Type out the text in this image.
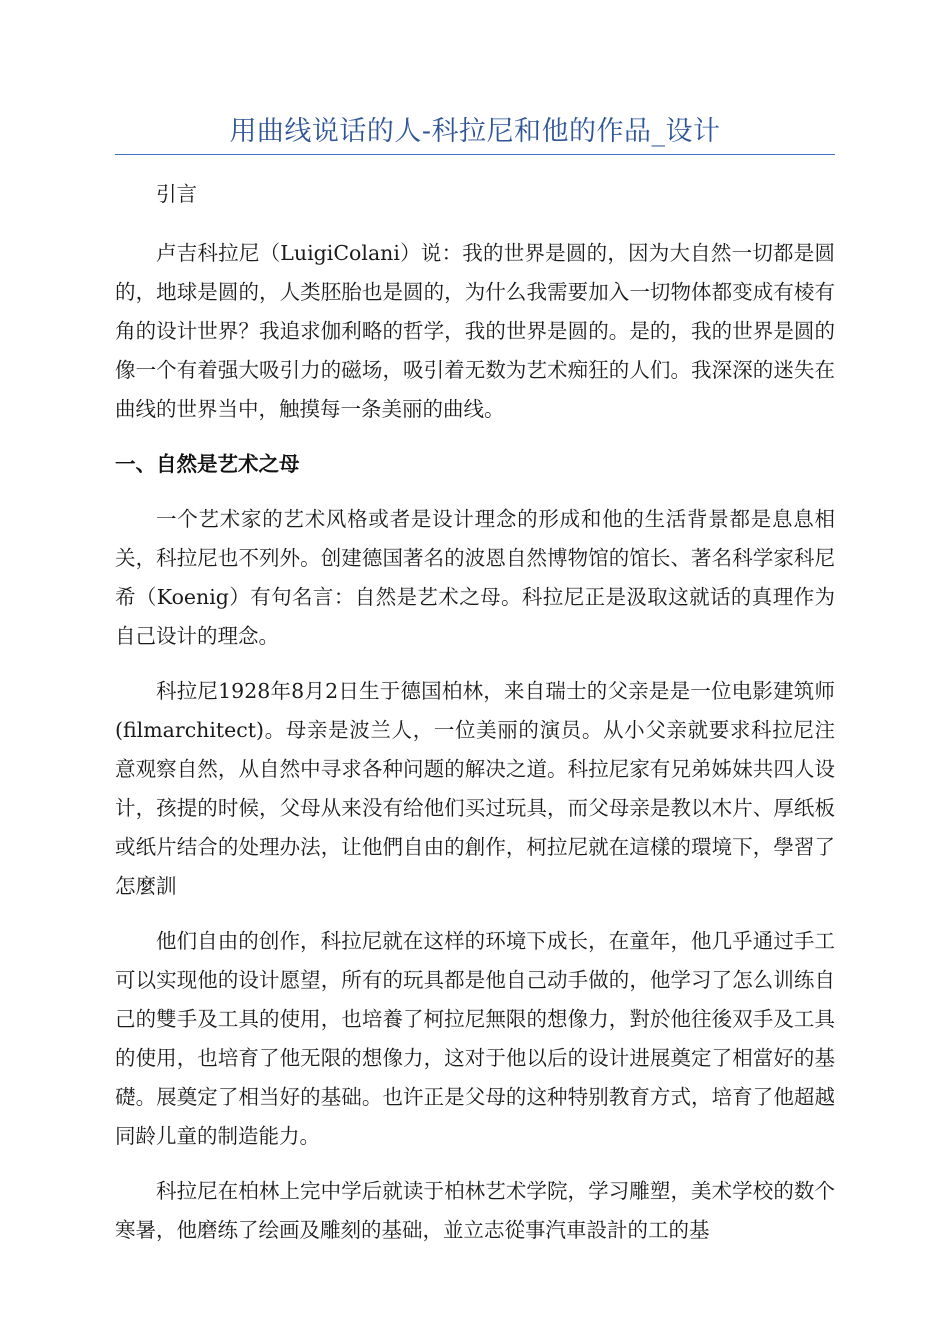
用曲线说话的人-科拉尼和他的作品_设计

引言

卢吉科拉尼（LuigiColani）说：我的世界是圆的，因为大自然一切都是圆的，地球是圆的，人类胚胎也是圆的，为什么我需要加入一切物体都变成有棱有角的设计世界？我追求伽利略的哲学，我的世界是圆的。是的，我的世界是圆的像一个有着强大吸引力的磁场，吸引着无数为艺术痴狂的人们。我深深的迷失在曲线的世界当中，触摸每一条美丽的曲线。

一、自然是艺术之母

一个艺术家的艺术风格或者是设计理念的形成和他的生活背景都是息息相关，科拉尼也不列外。创建德国著名的波恩自然博物馆的馆长、著名科学家科尼希（Koenig）有句名言：自然是艺术之母。科拉尼正是汲取这就话的真理作为自己设计的理念。

科拉尼1928年8月2日生于德国柏林，来自瑞士的父亲是是一位电影建筑师(filmarchitect)。母亲是波兰人，一位美丽的演员。从小父亲就要求科拉尼注意观察自然，从自然中寻求各种问题的解决之道。科拉尼家有兄弟姊妹共四人设计，孩提的时候，父母从来没有给他们买过玩具，而父母亲是教以木片、厚纸板或纸片结合的处理办法，让他們自由的創作，柯拉尼就在這樣的環境下，學習了怎麼訓

他们自由的创作，科拉尼就在这样的环境下成长，在童年，他几乎通过手工可以实现他的设计愿望，所有的玩具都是他自己动手做的，他学习了怎么训练自己的雙手及工具的使用，也培養了柯拉尼無限的想像力，對於他往後双手及工具的使用，也培育了他无限的想像力，这对于他以后的设计进展奠定了相當好的基礎。展奠定了相当好的基础。也许正是父母的这种特别教育方式，培育了他超越同龄儿童的制造能力。

科拉尼在柏林上完中学后就读于柏林艺术学院，学习雕塑，美术学校的数个寒暑，他磨练了绘画及雕刻的基础，並立志從事汽車設計的工的基
